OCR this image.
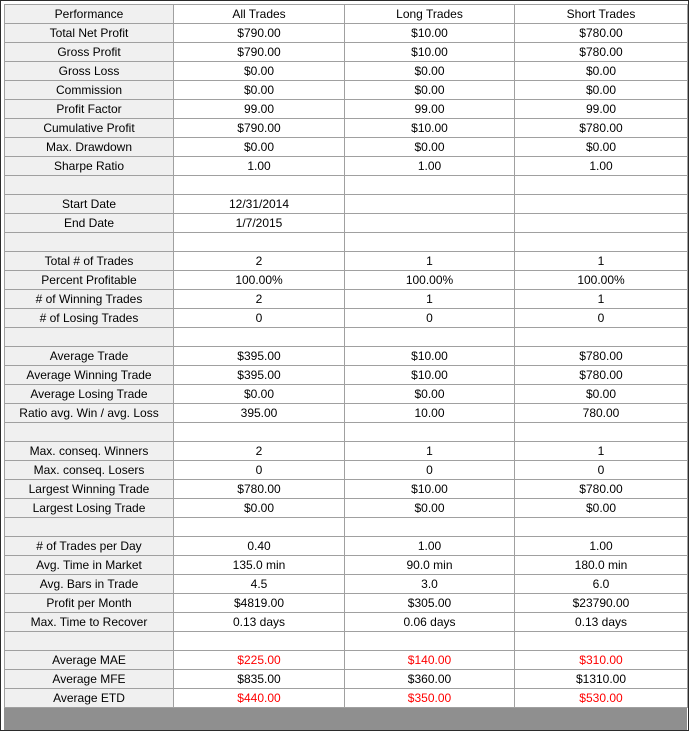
Performance	All Trades	Long Trades	Short Trades
Total Net Profit	$790.00	$10.00	$780.00
Gross Profit	$790.00	$10.00	$780.00
Gross Loss	$0.00	$0.00	$0.00
Commission	$0.00	$0.00	$0.00
Profit Factor	99.00	99.00	99.00
Cumulative Profit	$790.00	$10.00	$780.00
Max. Drawdown	$0.00	$0.00	$0.00
Sharpe Ratio	1.00	1.00	1.00

Start Date	12/31/2014		
End Date	1/7/2015		

Total # of Trades	2	1	1
Percent Profitable	100.00%	100.00%	100.00%
# of Winning Trades	2	1	1
# of Losing Trades	0	0	0

Average Trade	$395.00	$10.00	$780.00
Average Winning Trade	$395.00	$10.00	$780.00
Average Losing Trade	$0.00	$0.00	$0.00
Ratio avg. Win / avg. Loss	395.00	10.00	780.00

Max. conseq. Winners	2	1	1
Max. conseq. Losers	0	0	0
Largest Winning Trade	$780.00	$10.00	$780.00
Largest Losing Trade	$0.00	$0.00	$0.00

# of Trades per Day	0.40	1.00	1.00
Avg. Time in Market	135.0 min	90.0 min	180.0 min
Avg. Bars in Trade	4.5	3.0	6.0
Profit per Month	$4819.00	$305.00	$23790.00
Max. Time to Recover	0.13 days	0.06 days	0.13 days

Average MAE	$225.00	$140.00	$310.00
Average MFE	$835.00	$360.00	$1310.00
Average ETD	$440.00	$350.00	$530.00
